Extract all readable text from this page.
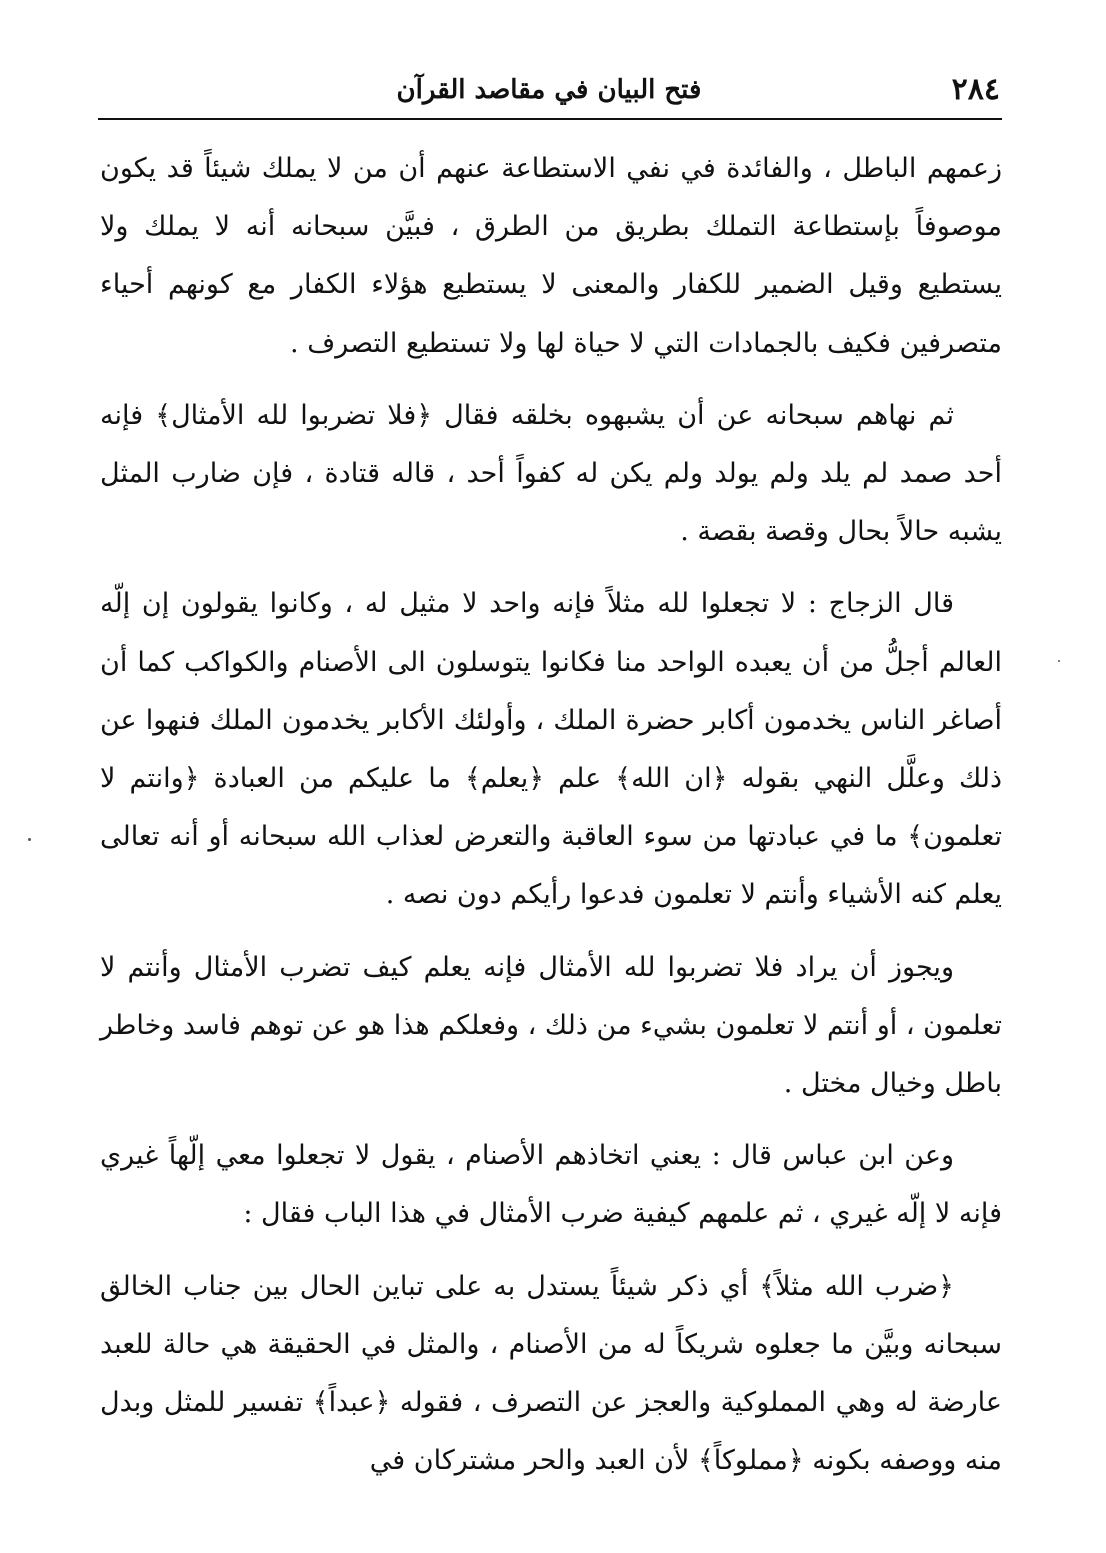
٢٨٤
فتح البيان في مقاصد القرآن

زعمهم الباطل ، والفائدة في نفي الاستطاعة عنهم أن من لا يملك شيئاً قد يكون موصوفاً بإستطاعة التملك بطريق من الطرق ، فبيَّن سبحانه أنه لا يملك ولا يستطيع وقيل الضمير للكفار والمعنى لا يستطيع هؤلاء الكفار مع كونهم أحياء متصرفين فكيف بالجمادات التي لا حياة لها ولا تستطيع التصرف .

ثم نهاهم سبحانه عن أن يشبهوه بخلقه فقال ﴿فلا تضربوا لله الأمثال﴾ فإنه أحد صمد لم يلد ولم يولد ولم يكن له كفواً أحد ، قاله قتادة ، فإن ضارب المثل يشبه حالاً بحال وقصة بقصة .

قال الزجاج : لا تجعلوا لله مثلاً فإنه واحد لا مثيل له ، وكانوا يقولون إن إلّه العالم أجلُّ من أن يعبده الواحد منا فكانوا يتوسلون الى الأصنام والكواكب كما أن أصاغر الناس يخدمون أكابر حضرة الملك ، وأولئك الأكابر يخدمون الملك فنهوا عن ذلك وعلَّل النهي بقوله ﴿ان الله﴾ علم ﴿يعلم﴾ ما عليكم من العبادة ﴿وانتم لا تعلمون﴾ ما في عبادتها من سوء العاقبة والتعرض لعذاب الله سبحانه أو أنه تعالى يعلم كنه الأشياء وأنتم لا تعلمون فدعوا رأيكم دون نصه .

ويجوز أن يراد فلا تضربوا لله الأمثال فإنه يعلم كيف تضرب الأمثال وأنتم لا تعلمون ، أو أنتم لا تعلمون بشيء من ذلك ، وفعلكم هذا هو عن توهم فاسد وخاطر باطل وخيال مختل .

وعن ابن عباس قال : يعني اتخاذهم الأصنام ، يقول لا تجعلوا معي إلّهاً غيري فإنه لا إلّه غيري ، ثم علمهم كيفية ضرب الأمثال في هذا الباب فقال :

﴿ضرب الله مثلاً﴾ أي ذكر شيئاً يستدل به على تباين الحال بين جناب الخالق سبحانه وبيَّن ما جعلوه شريكاً له من الأصنام ، والمثل في الحقيقة هي حالة للعبد عارضة له وهي المملوكية والعجز عن التصرف ، فقوله ﴿عبداً﴾ تفسير للمثل وبدل منه ووصفه بكونه ﴿مملوكاً﴾ لأن العبد والحر مشتركان في
